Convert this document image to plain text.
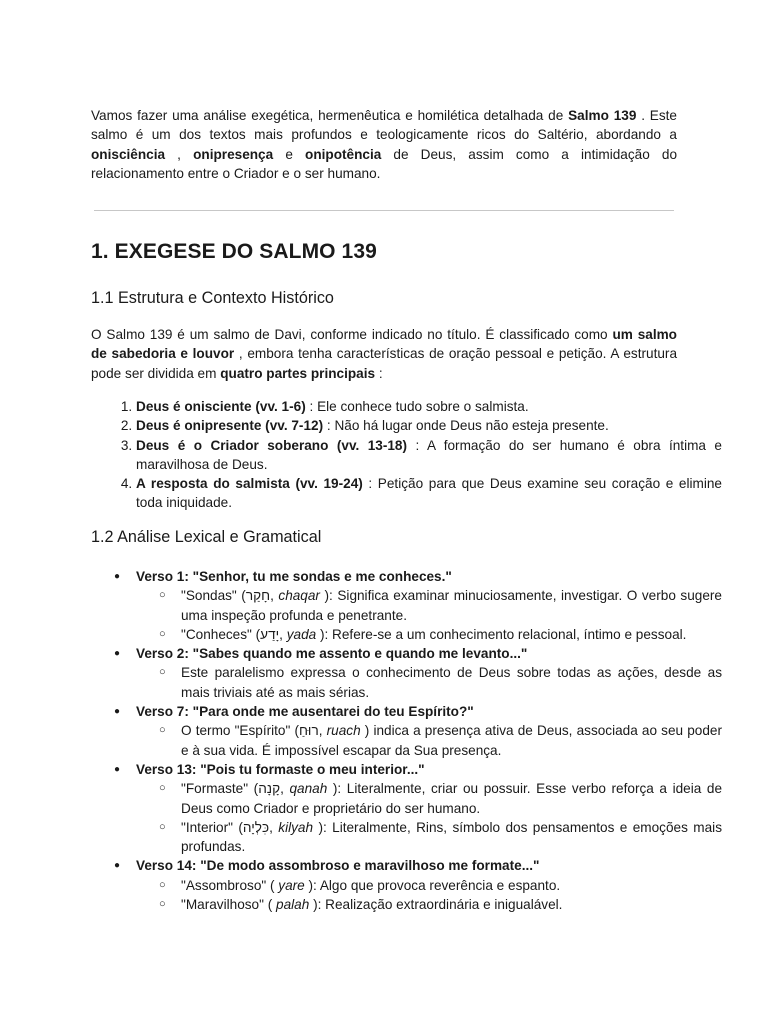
Vamos fazer uma análise exegética, hermenêutica e homilética detalhada de Salmo 139 . Este salmo é um dos textos mais profundos e teologicamente ricos do Saltério, abordando a onisciência , onipresença e onipotência de Deus, assim como a intimidação do relacionamento entre o Criador e o ser humano.

1. EXEGESE DO SALMO 139
1.1 Estrutura e Contexto Histórico

O Salmo 139 é um salmo de Davi, conforme indicado no título. É classificado como um salmo de sabedoria e louvor , embora tenha características de oração pessoal e petição. A estrutura pode ser dividida em quatro partes principais :

1. Deus é onisciente (vv. 1-6) : Ele conhece tudo sobre o salmista.
2. Deus é onipresente (vv. 7-12) : Não há lugar onde Deus não esteja presente.
3. Deus é o Criador soberano (vv. 13-18) : A formação do ser humano é obra íntima e maravilhosa de Deus.
4. A resposta do salmista (vv. 19-24) : Petição para que Deus examine seu coração e elimine toda iniquidade.
1.2 Análise Lexical e Gramatical
● Verso 1: "Senhor, tu me sondas e me conheces."
○ "Sondas" (חָקַר, chaqar ): Significa examinar minuciosamente, investigar. O verbo sugere uma inspeção profunda e penetrante.
○ "Conheces" (יָדַע, yada ): Refere-se a um conhecimento relacional, íntimo e pessoal.
● Verso 2: "Sabes quando me assento e quando me levanto..."
○ Este paralelismo expressa o conhecimento de Deus sobre todas as ações, desde as mais triviais até as mais sérias.
● Verso 7: "Para onde me ausentarei do teu Espírito?"
○ O termo "Espírito" (רוּחַ, ruach ) indica a presença ativa de Deus, associada ao seu poder e à sua vida. É impossível escapar da Sua presença.
● Verso 13: "Pois tu formaste o meu interior..."
○ "Formaste" (קָנָה, qanah ): Literalmente, criar ou possuir. Esse verbo reforça a ideia de Deus como Criador e proprietário do ser humano.
○ "Interior" (כִּלְיָה, kilyah ): Literalmente, Rins, símbolo dos pensamentos e emoções mais profundas.
● Verso 14: "De modo assombroso e maravilhoso me formate..."
○ "Assombroso" ( yare ): Algo que provoca reverência e espanto.
○ "Maravilhoso" ( palah ): Realização extraordinária e inigualável.
